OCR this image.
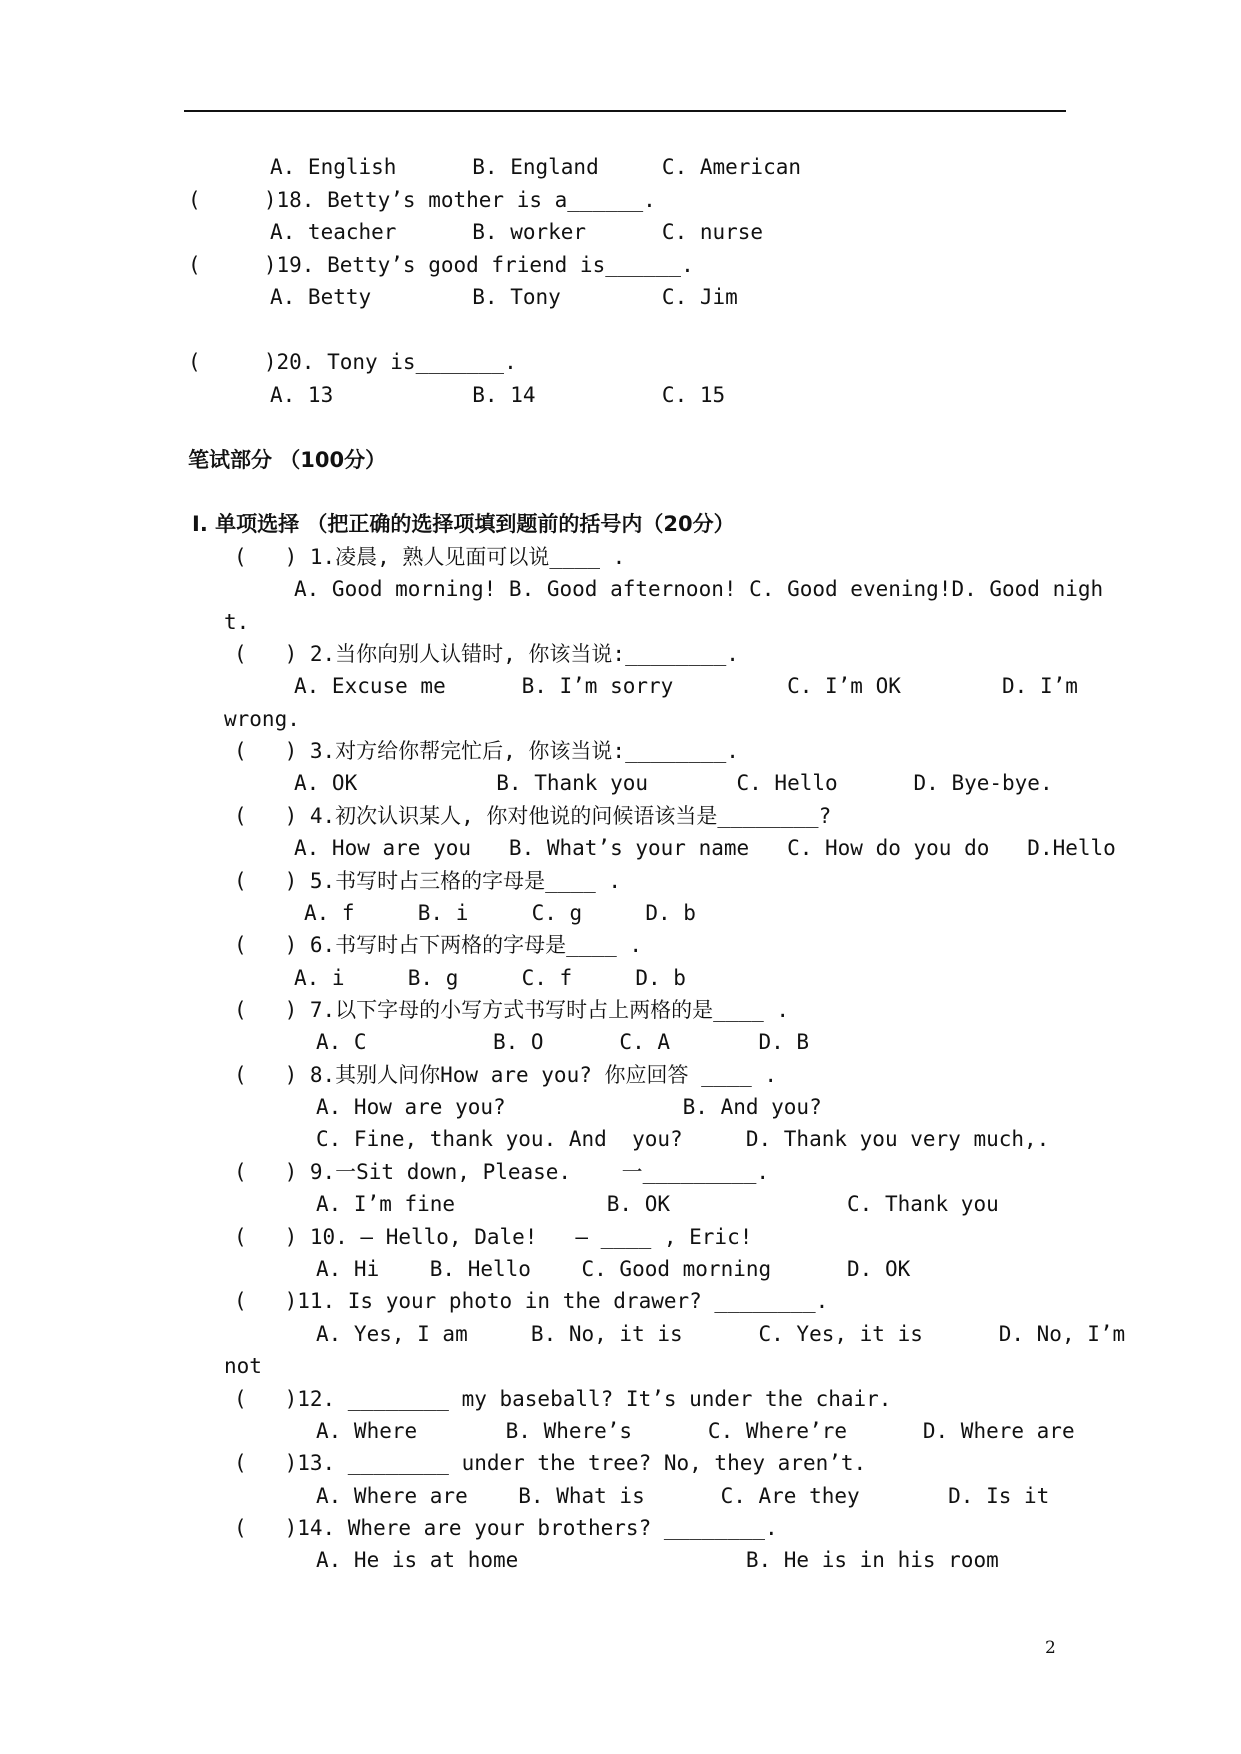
A. English      B. England     C. American
(     )18. Betty’s mother is a______.
A. teacher      B. worker      C. nurse
(     )19. Betty’s good friend is______.
A. Betty        B. Tony        C. Jim
(     )20. Tony is_______.
A. 13           B. 14          C. 15
笔试部分 （100分）
Ⅰ. 单项选择 （把正确的选择项填到题前的括号内（20分）
(   ) 1.凌晨, 熟人见面可以说____ .
A. Good morning! B. Good afternoon! C. Good evening!D. Good nigh
t.
(   ) 2.当你向别人认错时, 你该当说:________.
A. Excuse me      B. I’m sorry         C. I’m OK        D. I’m
wrong.
(   ) 3.对方给你帮完忙后, 你该当说:________.
A. OK           B. Thank you       C. Hello      D. Bye-bye.
(   ) 4.初次认识某人, 你对他说的问候语该当是________?
A. How are you   B. What’s your name   C. How do you do   D.Hello
(   ) 5.书写时占三格的字母是____ .
A. f     B. i     C. g     D. b
(   ) 6.书写时占下两格的字母是____ .
A. i     B. g     C. f     D. b
(   ) 7.以下字母的小写方式书写时占上两格的是____ .
A. C          B. O      C. A       D. B
(   ) 8.其别人问你How are you? 你应回答 ____ .
A. How are you?              B. And you?
C. Fine, thank you. And  you?     D. Thank you very much,.
(   ) 9.一Sit down, Please.    一_________.
A. I’m fine            B. OK              C. Thank you
(   ) 10. — Hello, Dale!   — ____ , Eric!
A. Hi    B. Hello    C. Good morning      D. OK
(   )11. Is your photo in the drawer? ________.
A. Yes, I am     B. No, it is      C. Yes, it is      D. No, I’m
not
(   )12. ________ my baseball? It’s under the chair.
A. Where       B. Where’s      C. Where’re      D. Where are
(   )13. ________ under the tree? No, they aren’t.
A. Where are    B. What is      C. Are they       D. Is it
(   )14. Where are your brothers? ________.
A. He is at home                  B. He is in his room
2
